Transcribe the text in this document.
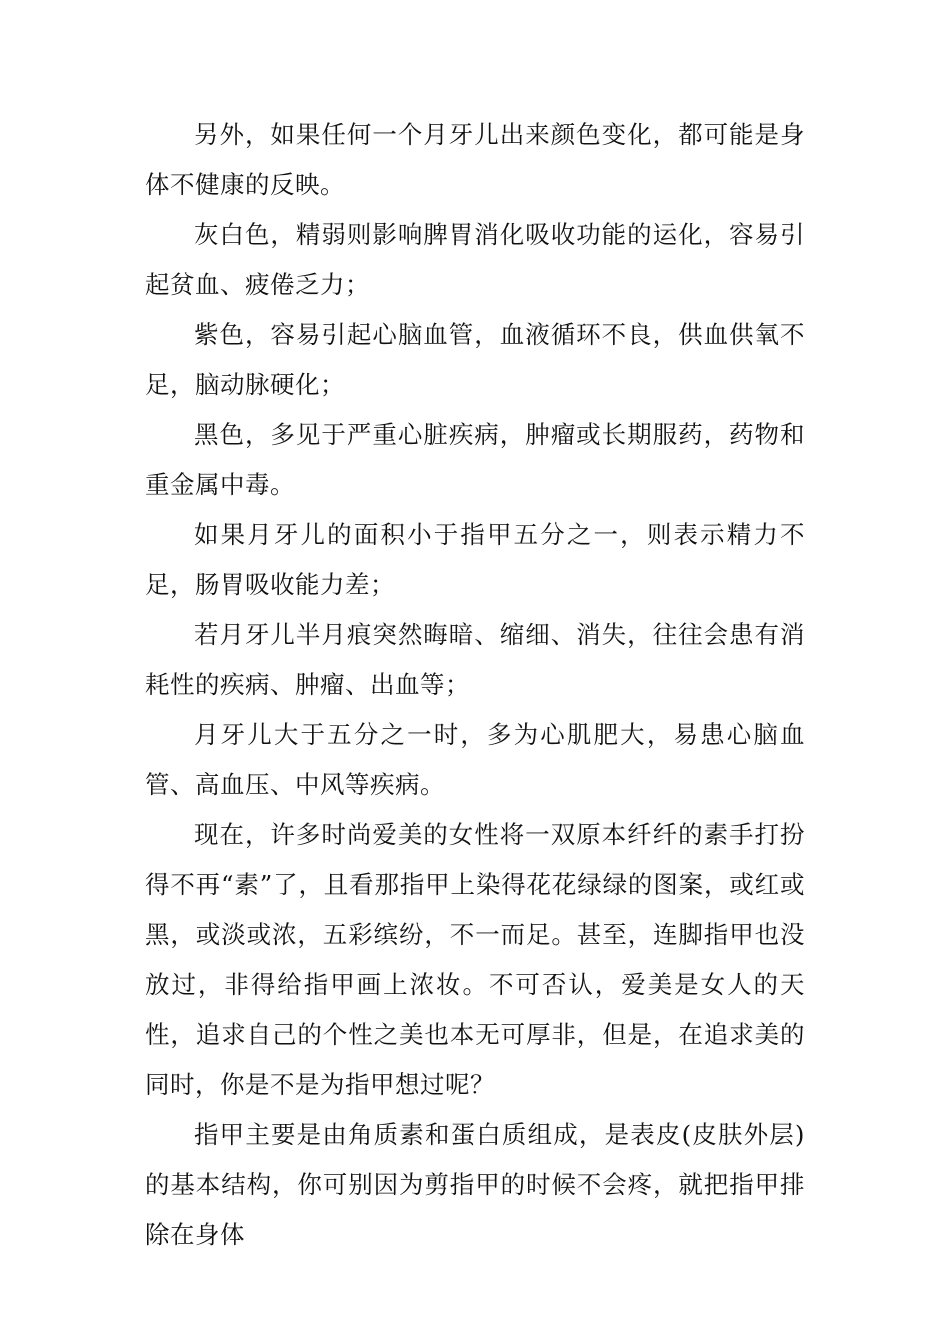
另外，如果任何一个月牙儿出来颜色变化，都可能是身体不健康的反映。

灰白色，精弱则影响脾胃消化吸收功能的运化，容易引起贫血、疲倦乏力；

紫色，容易引起心脑血管，血液循环不良，供血供氧不足，脑动脉硬化；

黑色，多见于严重心脏疾病，肿瘤或长期服药，药物和重金属中毒。

如果月牙儿的面积小于指甲五分之一，则表示精力不足，肠胃吸收能力差；

若月牙儿半月痕突然晦暗、缩细、消失，往往会患有消耗性的疾病、肿瘤、出血等；

月牙儿大于五分之一时，多为心肌肥大，易患心脑血管、高血压、中风等疾病。

现在，许多时尚爱美的女性将一双原本纤纤的素手打扮得不再“素”了，且看那指甲上染得花花绿绿的图案，或红或黑，或淡或浓，五彩缤纷，不一而足。甚至，连脚指甲也没放过，非得给指甲画上浓妆。不可否认，爱美是女人的天性，追求自己的个性之美也本无可厚非，但是，在追求美的同时，你是不是为指甲想过呢？

指甲主要是由角质素和蛋白质组成，是表皮(皮肤外层)的基本结构，你可别因为剪指甲的时候不会疼，就把指甲排除在身体
